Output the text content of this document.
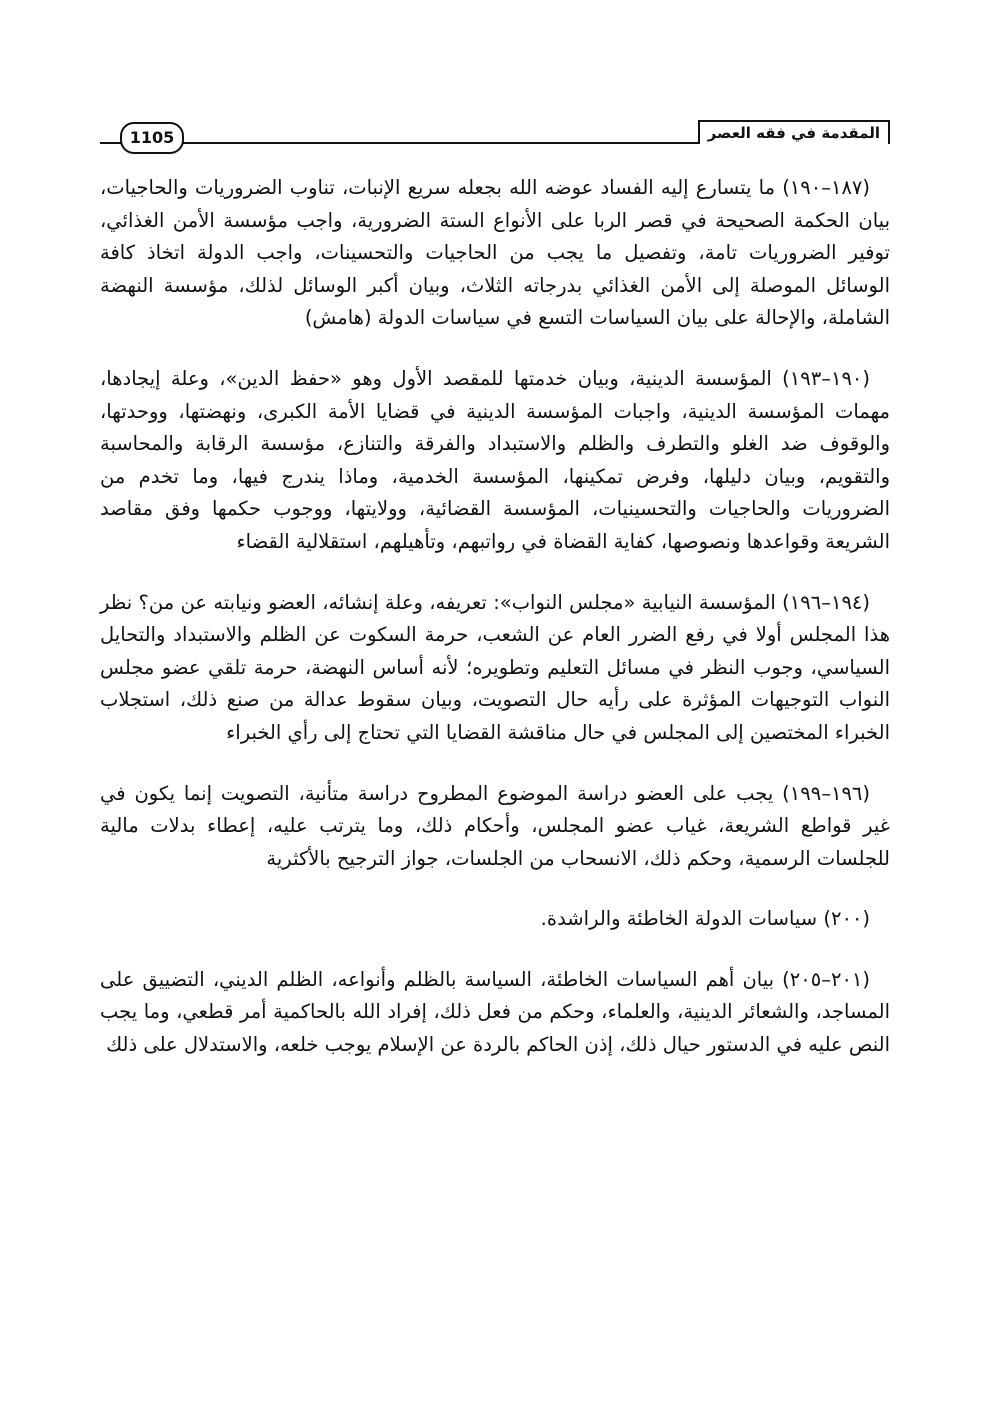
1105	المقدمة في فقه العصر

(١٨٧–١٩٠) ما يتسارع إليه الفساد عوضه الله بجعله سريع الإنبات، تناوب الضروريات والحاجيات، بيان الحكمة الصحيحة في قصر الربا على الأنواع الستة الضرورية، واجب مؤسسة الأمن الغذائي، توفير الضروريات تامة، وتفصيل ما يجب من الحاجيات والتحسينات، واجب الدولة اتخاذ كافة الوسائل الموصلة إلى الأمن الغذائي بدرجاته الثلاث، وبيان أكبر الوسائل لذلك، مؤسسة النهضة الشاملة، والإحالة على بيان السياسات التسع في سياسات الدولة (هامش)

(١٩٠–١٩٣) المؤسسة الدينية، وبيان خدمتها للمقصد الأول وهو «حفظ الدين»، وعلة إيجادها، مهمات المؤسسة الدينية، واجبات المؤسسة الدينية في قضايا الأمة الكبرى، ونهضتها، ووحدتها، والوقوف ضد الغلو والتطرف والظلم والاستبداد والفرقة والتنازع، مؤسسة الرقابة والمحاسبة والتقويم، وبيان دليلها، وفرض تمكينها، المؤسسة الخدمية، وماذا يندرج فيها، وما تخدم من الضروريات والحاجيات والتحسينيات، المؤسسة القضائية، وولايتها، ووجوب حكمها وفق مقاصد الشريعة وقواعدها ونصوصها، كفاية القضاة في رواتبهم، وتأهيلهم، استقلالية القضاء

(١٩٤–١٩٦) المؤسسة النيابية «مجلس النواب»: تعريفه، وعلة إنشائه، العضو ونيابته عن من؟ نظر هذا المجلس أولا في رفع الضرر العام عن الشعب، حرمة السكوت عن الظلم والاستبداد والتحايل السياسي، وجوب النظر في مسائل التعليم وتطويره؛ لأنه أساس النهضة، حرمة تلقي عضو مجلس النواب التوجيهات المؤثرة على رأيه حال التصويت، وبيان سقوط عدالة من صنع ذلك، استجلاب الخبراء المختصين إلى المجلس في حال مناقشة القضايا التي تحتاج إلى رأي الخبراء

(١٩٦–١٩٩) يجب على العضو دراسة الموضوع المطروح دراسة متأنية، التصويت إنما يكون في غير قواطع الشريعة، غياب عضو المجلس، وأحكام ذلك، وما يترتب عليه، إعطاء بدلات مالية للجلسات الرسمية، وحكم ذلك، الانسحاب من الجلسات، جواز الترجيح بالأكثرية

(٢٠٠) سياسات الدولة الخاطئة والراشدة.

(٢٠١–٢٠٥) بيان أهم السياسات الخاطئة، السياسة بالظلم وأنواعه، الظلم الديني، التضييق على المساجد، والشعائر الدينية، والعلماء، وحكم من فعل ذلك، إفراد الله بالحاكمية أمر قطعي، وما يجب النص عليه في الدستور حيال ذلك، إذن الحاكم بالردة عن الإسلام يوجب خلعه، والاستدلال على ذلك
